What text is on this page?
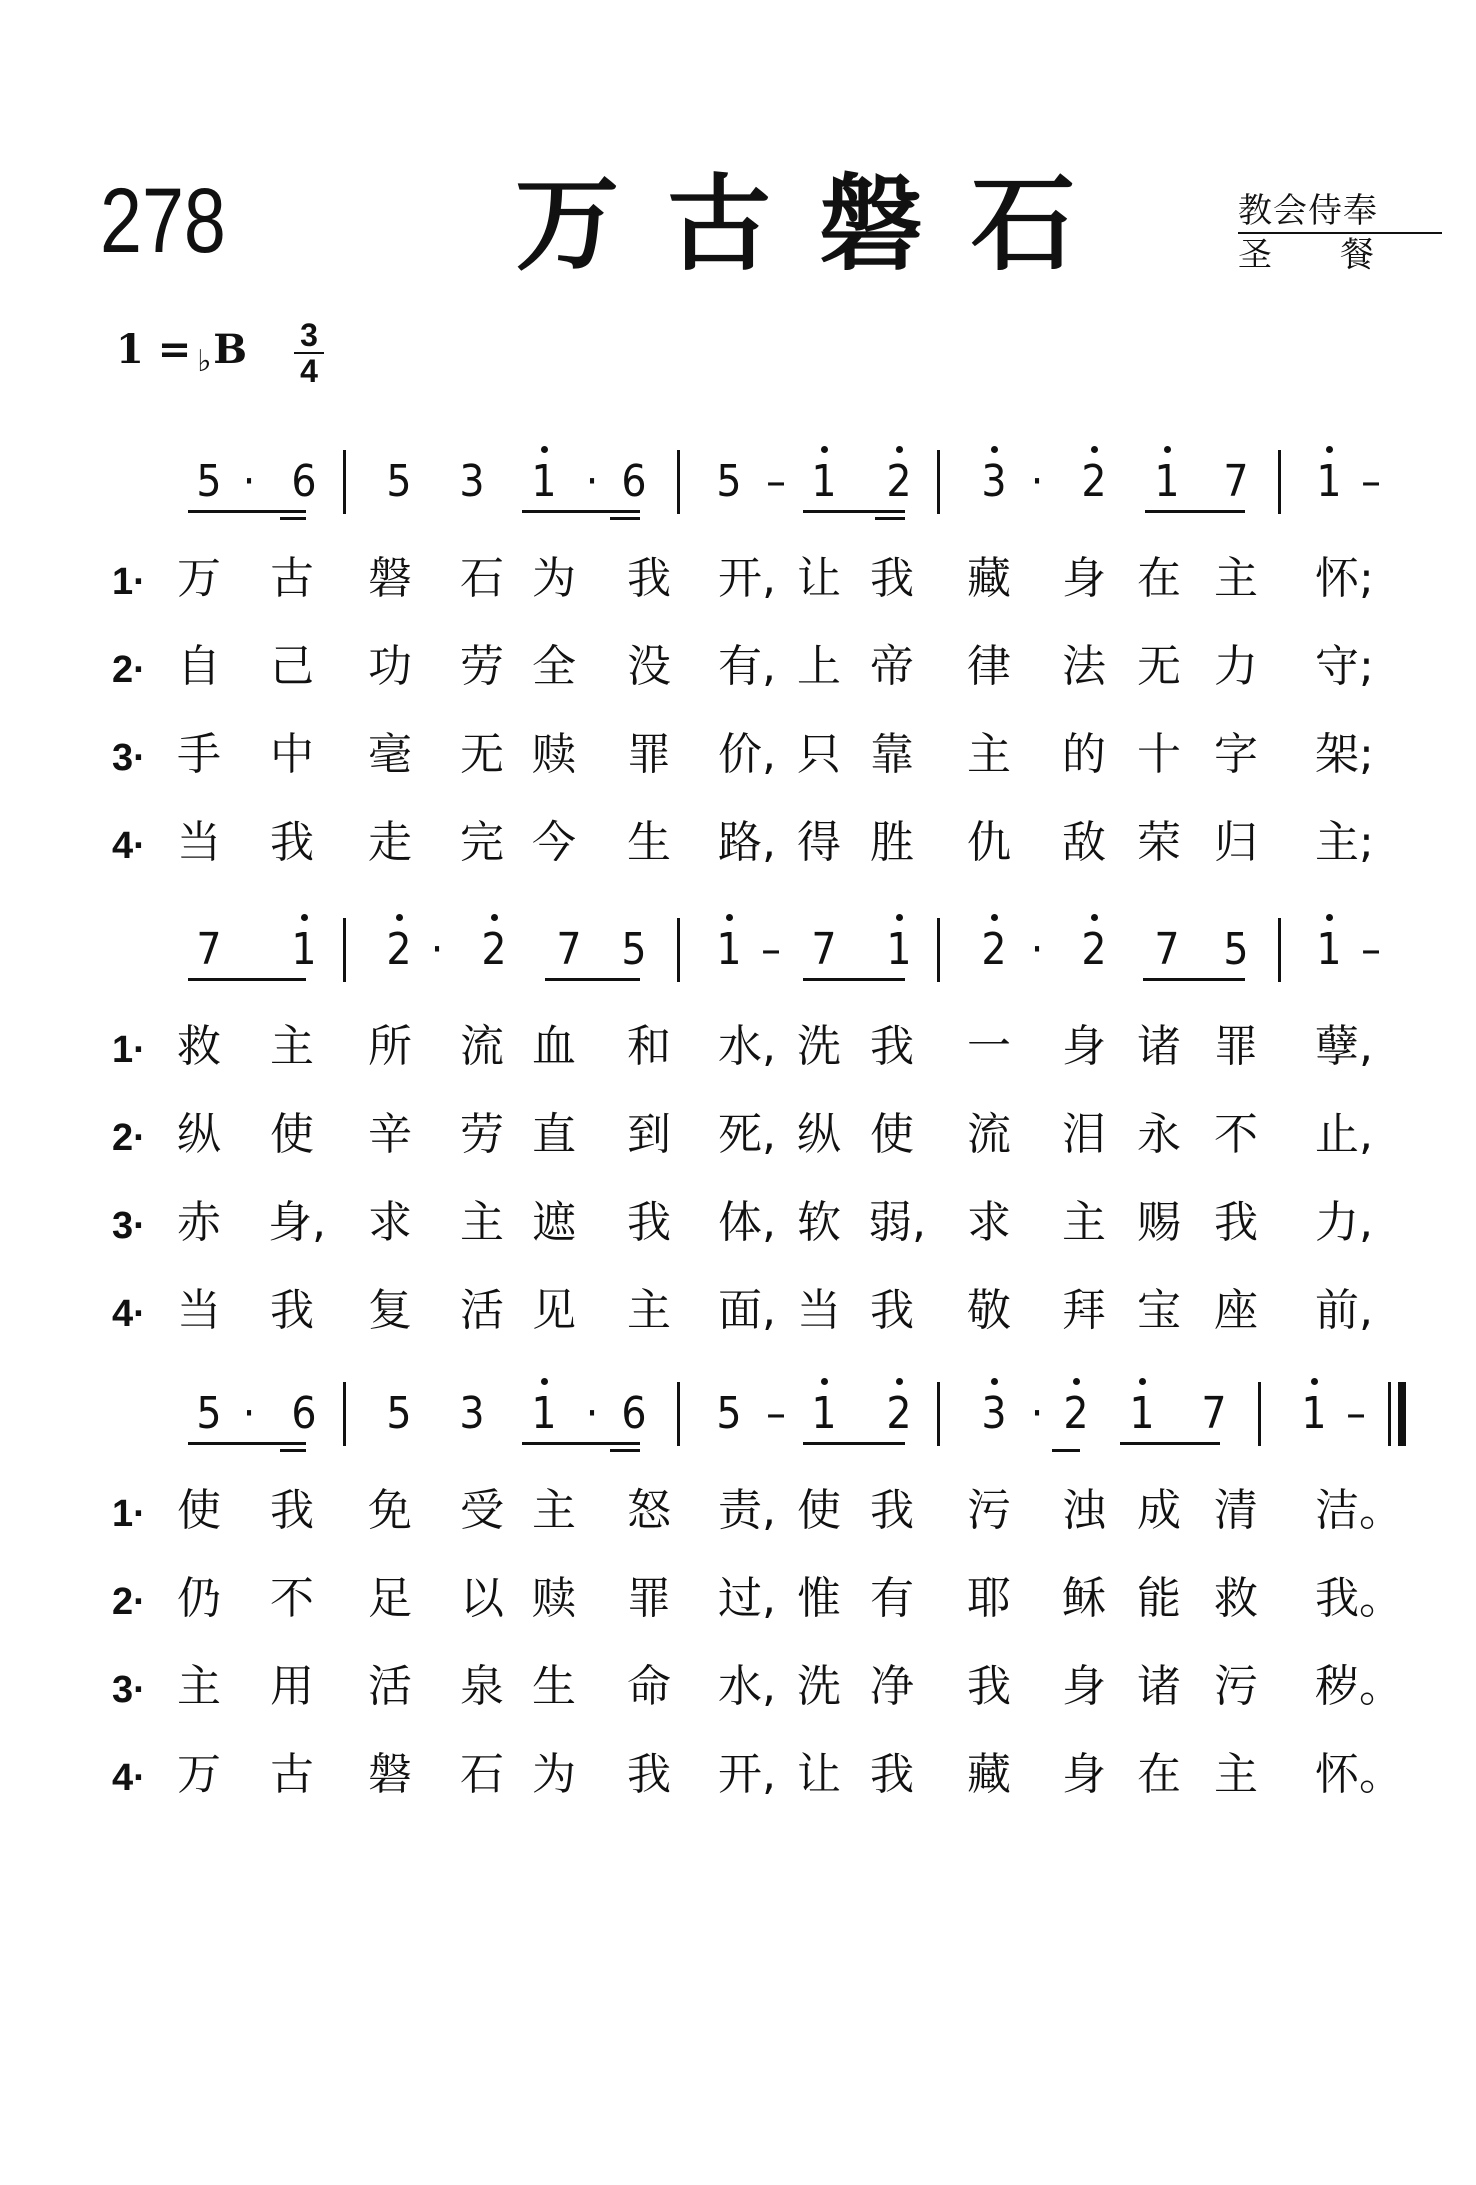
278	万古磐石	教会侍奉
圣餐
1 = ♭ B 3
4
5 · 6 5 3 1 · 6 5 – 1 2 3 · 2 1 7 1 –
1· 万 古 磐 石 为 我 开, 让 我 藏 身 在 主 怀;
2· 自 己 功 劳 全 没 有, 上 帝 律 法 无 力 守;
3· 手 中 毫 无 赎 罪 价, 只 靠 主 的 十 字 架;
4· 当 我 走 完 今 生 路, 得 胜 仇 敌 荣 归 主;
7 1 2 · 2 7 5 1 – 7 1 2 · 2 7 5 1 –
1· 救 主 所 流 血 和 水, 洗 我 一 身 诸 罪 孽,
2· 纵 使 辛 劳 直 到 死, 纵 使 流 泪 永 不 止,
3· 赤 身, 求 主 遮 我 体, 软 弱, 求 主 赐 我 力,
4· 当 我 复 活 见 主 面, 当 我 敬 拜 宝 座 前,
5 · 6 5 3 1 · 6 5 – 1 2 3 · 2 1 7 1 –
1· 使 我 免 受 主 怒 责, 使 我 污 浊 成 清 洁。
2· 仍 不 足 以 赎 罪 过, 惟 有 耶 稣 能 救 我。
3· 主 用 活 泉 生 命 水, 洗 净 我 身 诸 污 秽。
4· 万 古 磐 石 为 我 开, 让 我 藏 身 在 主 怀。
